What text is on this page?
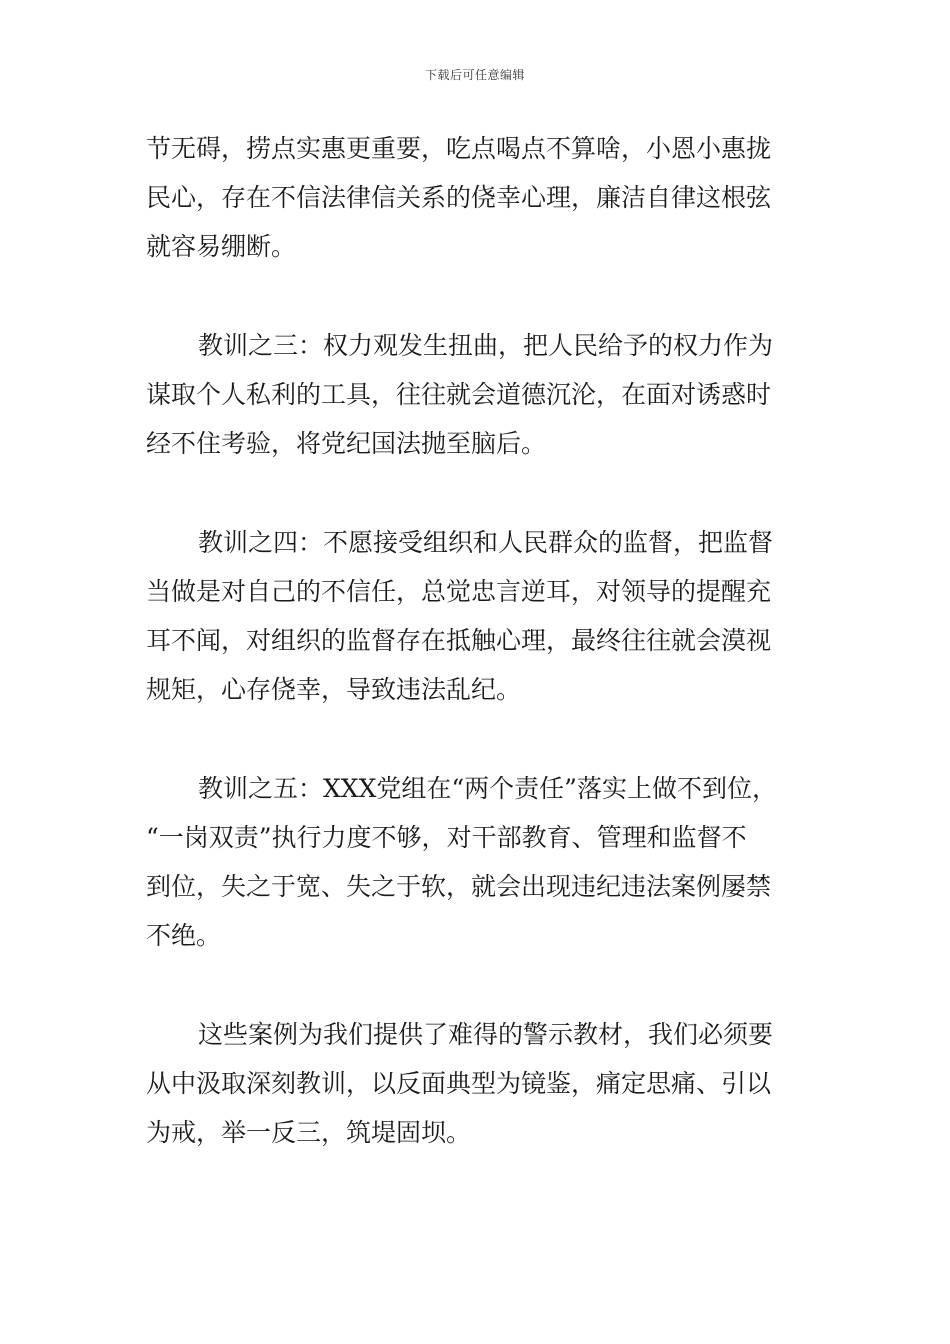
下载后可任意编辑

节无碍，捞点实惠更重要，吃点喝点不算啥，小恩小惠拢
民心，存在不信法律信关系的侥幸心理，廉洁自律这根弦
就容易绷断。

教训之三：权力观发生扭曲，把人民给予的权力作为
谋取个人私利的工具，往往就会道德沉沦，在面对诱惑时
经不住考验，将党纪国法抛至脑后。

教训之四：不愿接受组织和人民群众的监督，把监督
当做是对自己的不信任，总觉忠言逆耳，对领导的提醒充
耳不闻，对组织的监督存在抵触心理，最终往往就会漠视
规矩，心存侥幸，导致违法乱纪。

教训之五：XXX党组在“两个责任”落实上做不到位，
“一岗双责”执行力度不够，对干部教育、管理和监督不
到位，失之于宽、失之于软，就会出现违纪违法案例屡禁
不绝。

这些案例为我们提供了难得的警示教材，我们必须要
从中汲取深刻教训，以反面典型为镜鉴，痛定思痛、引以
为戒，举一反三，筑堤固坝。
